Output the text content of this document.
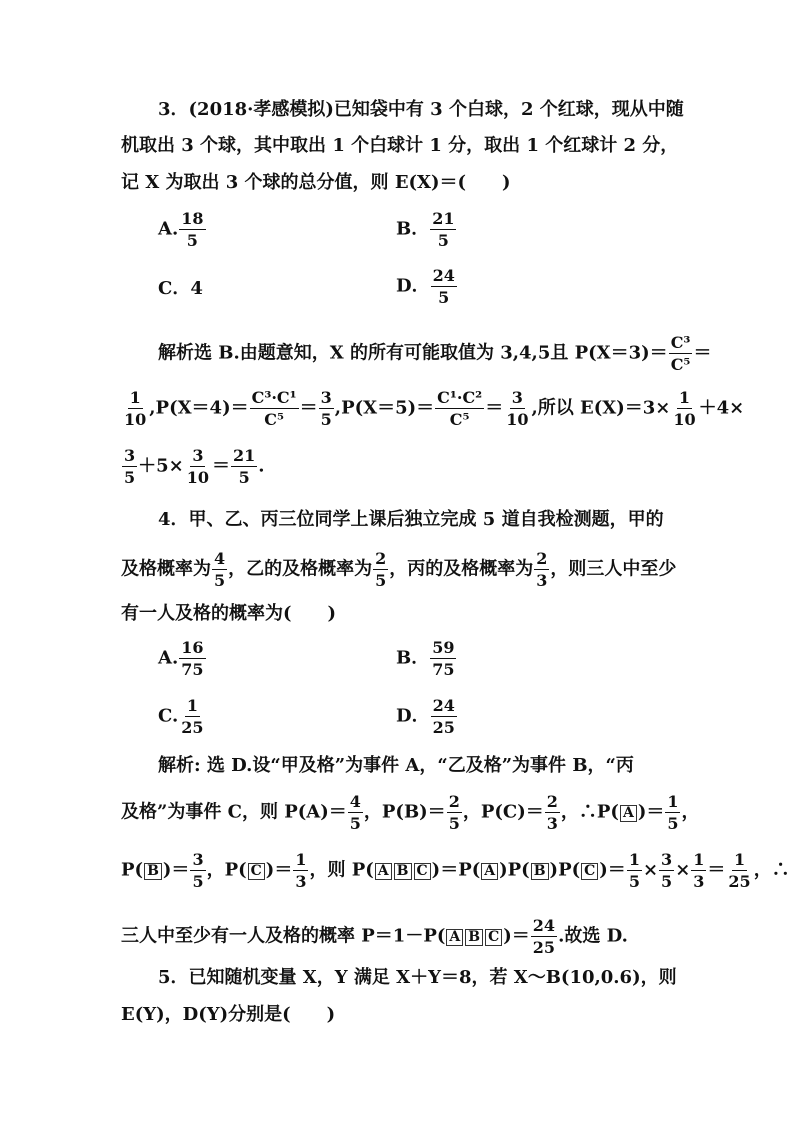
3．(2018·孝感模拟)已知袋中有 3 个白球，2 个红球，现从中随
机取出 3 个球，其中取出 1 个白球计 1 分，取出 1 个红球计 2 分，
记 X 为取出 3 个球的总分值，则 E(X)＝(　　)
A. $\frac{18}{5}$	B． $\frac{21}{5}$
C．4	D． $\frac{24}{5}$
解析选 B.由题意知，X 的所有可能取值为 3,4,5且 $P(X=3)= \frac{\text{C³}}{\text{C⁵}}$ ＝
$\frac{1}{10} ,P(X=4)= \frac{\text{C³·C¹}}{\text{C⁵}} = \frac{3}{5} ,P(X=5)= \frac{\text{C¹·C²}}{\text{C⁵}} = \frac{3}{10}$ ,所以 $E(X)=3\times \frac{1}{10} +4\times$
$\frac{3}{5} +5\times \frac{3}{10} = \frac{21}{5}$ .
4．甲、乙、丙三位同学上课后独立完成 5 道自我检测题，甲的
及格概率为 $\frac{4}{5}$ ，乙的及格概率为 $\frac{2}{5}$ ，丙的及格概率为 $\frac{2}{3}$ ，则三人中至少
有一人及格的概率为(　　)
A. $\frac{16}{75}$	B． $\frac{59}{75}$
C. $\frac{1}{25}$	D． $\frac{24}{25}$
解析: 选 D.设“甲及格”为事件 A，“乙及格”为事件 B，“丙
及格”为事件 C，则 $P(A)= \frac{4}{5}$ ，$P(B)= \frac{2}{5}$ ，$P(C)= \frac{2}{3}$ ，∴P( A )＝ $\frac{1}{5}$ ，
P( B )＝ $\frac{3}{5}$ ，P( C )＝ $\frac{1}{3}$ ，则 P( A B C )＝P( A )P( B )P( C )＝ $\frac{1}{5} \times \frac{3}{5} \times \frac{1}{3} = \frac{1}{25}$ ，∴
三人中至少有一人及格的概率 P＝1－P( A B C )＝ $\frac{24}{25}$ .故选 D.
5．已知随机变量 X，Y 满足 X＋Y＝8，若 X～B(10,0.6)，则
E(Y)，D(Y)分别是(　　)
